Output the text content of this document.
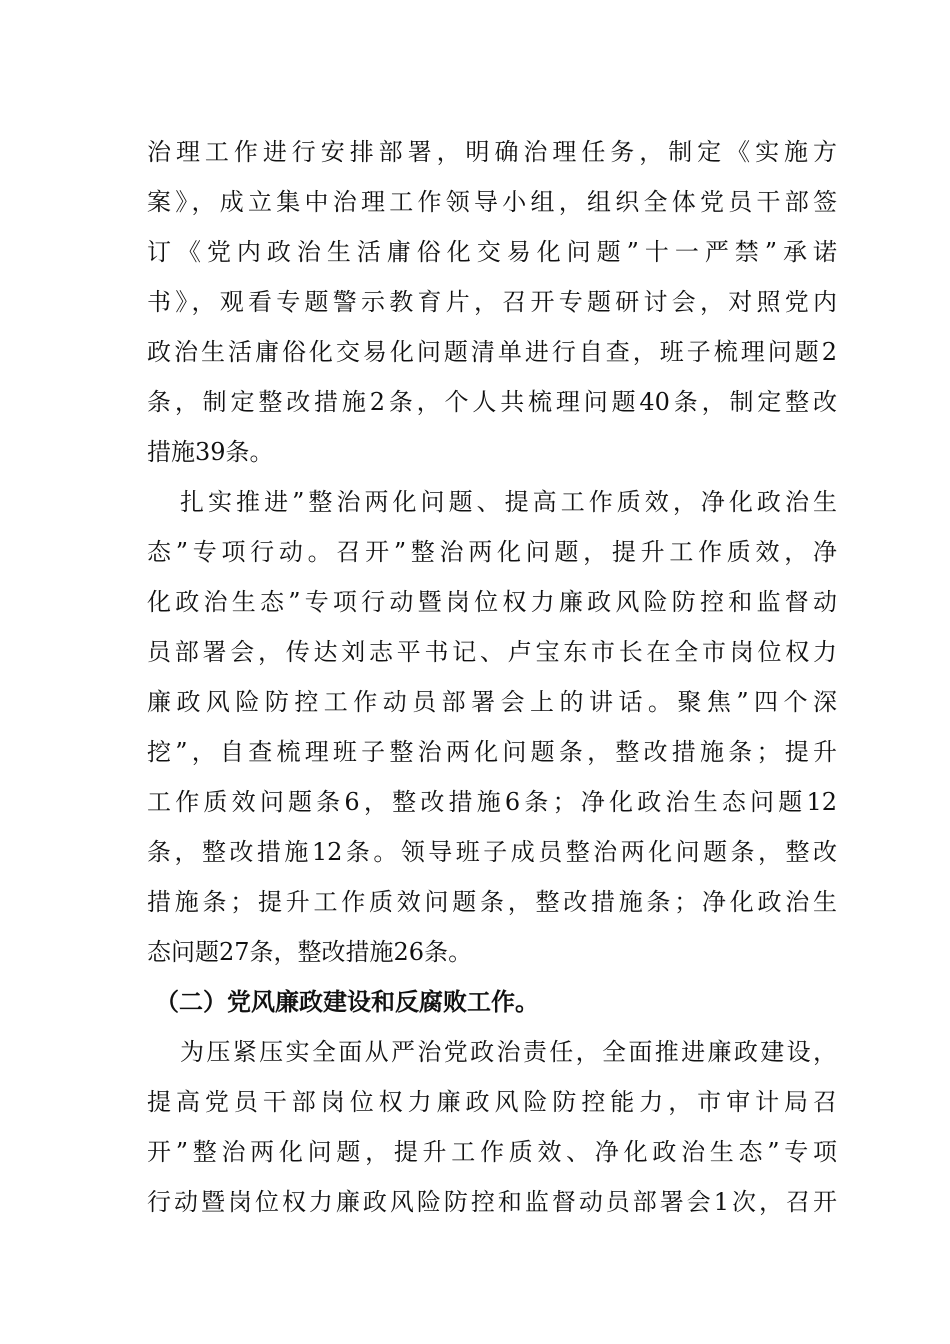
治理工作进行安排部署，明确治理任务，制定《实施方
案》，成立集中治理工作领导小组，组织全体党员干部签
订《党内政治生活庸俗化交易化问题”十一严禁”承诺
书》，观看专题警示教育片，召开专题研讨会，对照党内
政治生活庸俗化交易化问题清单进行自查，班子梳理问题2
条，制定整改措施2条，个人共梳理问题40条，制定整改
措施39条。
扎实推进”整治两化问题、提高工作质效，净化政治生
态”专项行动。召开”整治两化问题，提升工作质效，净
化政治生态”专项行动暨岗位权力廉政风险防控和监督动
员部署会，传达刘志平书记、卢宝东市长在全市岗位权力
廉政风险防控工作动员部署会上的讲话。聚焦”四个深
挖”，自查梳理班子整治两化问题条，整改措施条；提升
工作质效问题条6，整改措施6条；净化政治生态问题12
条，整改措施12条。领导班子成员整治两化问题条，整改
措施条；提升工作质效问题条，整改措施条；净化政治生
态问题27条，整改措施26条。
（二）党风廉政建设和反腐败工作。
为压紧压实全面从严治党政治责任，全面推进廉政建设，
提高党员干部岗位权力廉政风险防控能力，市审计局召
开”整治两化问题，提升工作质效、净化政治生态”专项
行动暨岗位权力廉政风险防控和监督动员部署会1次，召开
